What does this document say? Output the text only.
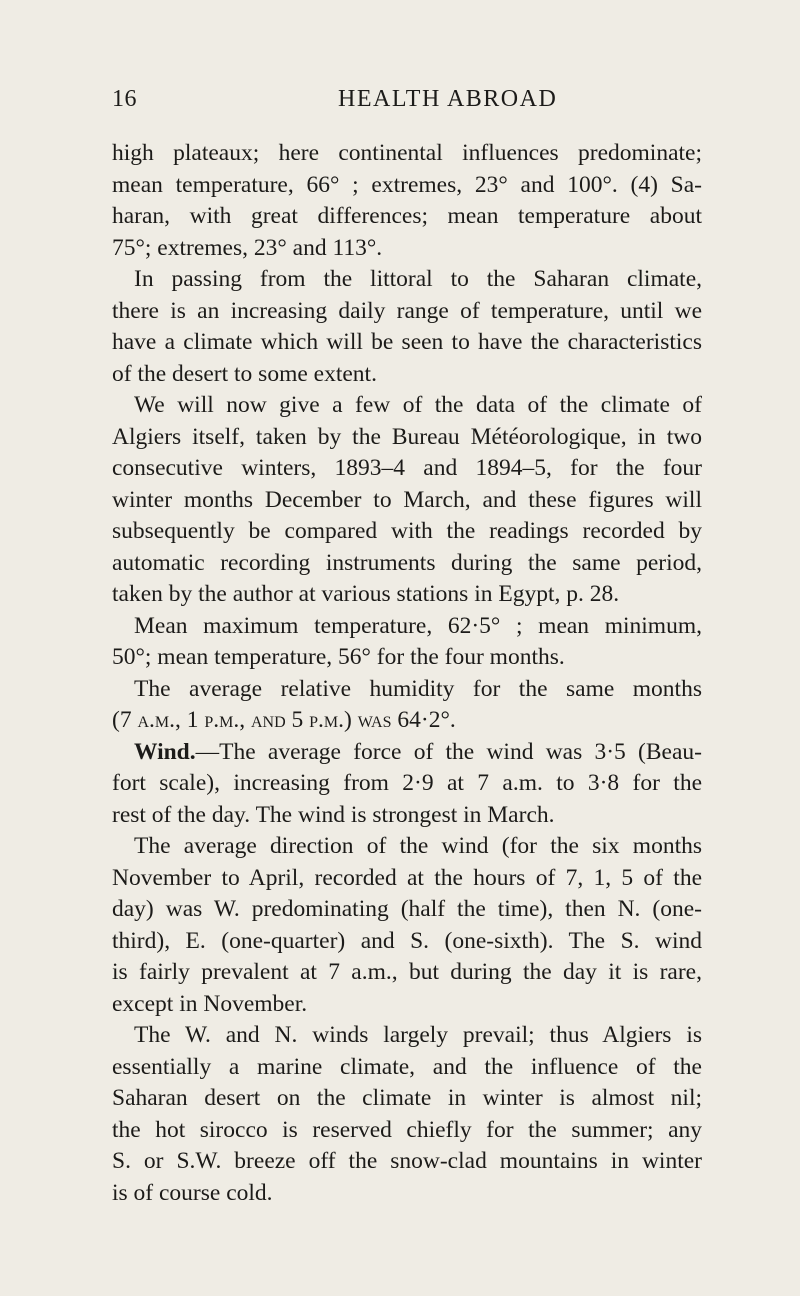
16	HEALTH ABROAD
high plateaux; here continental influences predominate;
mean temperature, 66° ; extremes, 23° and 100°. (4) Sa-
haran, with great differences; mean temperature about
75°; extremes, 23° and 113°.
In passing from the littoral to the Saharan climate,
there is an increasing daily range of temperature, until we
have a climate which will be seen to have the characteristics
of the desert to some extent.
We will now give a few of the data of the climate of
Algiers itself, taken by the Bureau Météorologique, in two
consecutive winters, 1893–4 and 1894–5, for the four
winter months December to March, and these figures will
subsequently be compared with the readings recorded by
automatic recording instruments during the same period,
taken by the author at various stations in Egypt, p. 28.
Mean maximum temperature, 62·5° ; mean minimum,
50°; mean temperature, 56° for the four months.
The average relative humidity for the same months
(7 a.m., 1 p.m., and 5 p.m.) was 64·2°.
Wind.—The average force of the wind was 3·5 (Beau-
fort scale), increasing from 2·9 at 7 a.m. to 3·8 for the
rest of the day. The wind is strongest in March.
The average direction of the wind (for the six months
November to April, recorded at the hours of 7, 1, 5 of the
day) was W. predominating (half the time), then N. (one-
third), E. (one-quarter) and S. (one-sixth). The S. wind
is fairly prevalent at 7 a.m., but during the day it is rare,
except in November.
The W. and N. winds largely prevail; thus Algiers is
essentially a marine climate, and the influence of the
Saharan desert on the climate in winter is almost nil;
the hot sirocco is reserved chiefly for the summer; any
S. or S.W. breeze off the snow-clad mountains in winter
is of course cold.
